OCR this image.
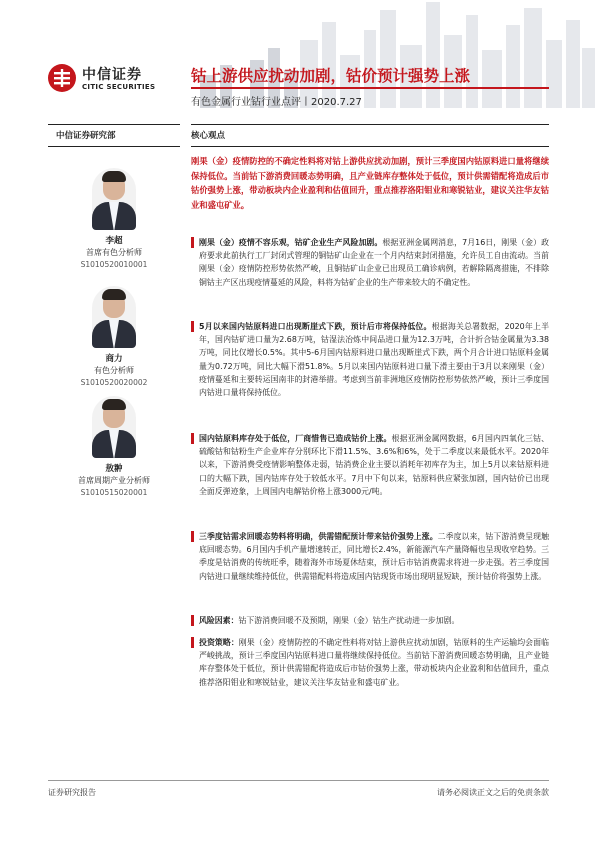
中信证券
CITIC SECURITIES
钴上游供应扰动加剧，钴价预计强势上涨
有色金属行业钴行业点评丨2020.7.27
中信证券研究部	核心观点
李超
首席有色分析师
S1010520010001
商力
有色分析师
S1010520020002
敖翀
首席周期产业分析师
S1010515020001
刚果（金）疫情防控的不确定性料将对钴上游供应扰动加剧，预计三季度国内钴原料进口量将继续保持低位。当前钴下游消费回暖态势明确，且产业链库存整体处于低位，预计供需错配将造成后市钴价强势上涨，带动板块内企业盈利和估值回升，重点推荐洛阳钼业和寒锐钴业，建议关注华友钴业和盛屯矿业。
刚果（金）疫情不容乐观，钴矿企业生产风险加剧。根据亚洲金属网消息，7月16日，刚果（金）政府要求此前执行工厂封闭式管理的铜钴矿山企业在一个月内结束封闭措施，允许员工自由流动。当前刚果（金）疫情防控形势依然严峻，且铜钴矿山企业已出现员工确诊病例，若解除隔离措施，不排除铜钴主产区出现疫情蔓延的风险，料将为钴矿企业的生产带来较大的不确定性。
5月以来国内钴原料进口出现断崖式下跌，预计后市将保持低位。根据海关总署数据，2020年上半年，国内钴矿进口量为2.68万吨，钴湿法冶炼中间品进口量为12.3万吨，合计折合钴金属量为3.38万吨，同比仅增长0.5%。其中5-6月国内钴原料进口量出现断崖式下跌，两个月合计进口钴原料金属量为0.72万吨，同比大幅下滑51.8%。5月以来国内钴原料进口量下滑主要由于3月以来刚果（金）疫情蔓延和主要转运国南非的封港举措。考虑到当前非洲地区疫情防控形势依然严峻，预计三季度国内钴进口量将保持低位。
国内钴原料库存处于低位，厂商惜售已造成钴价上涨。根据亚洲金属网数据，6月国内四氧化三钴、硫酸钴和钴粉生产企业库存分别环比下滑11.5%、3.6%和6%，处于二季度以来最低水平。2020年以来，下游消费受疫情影响整体走弱，钴消费企业主要以消耗年初库存为主，加上5月以来钴原料进口的大幅下跌，国内钴库存处于较低水平。7月中下旬以来，钴原料供应紧张加剧，国内钴价已出现全面反弹迹象，上周国内电解钴价格上涨3000元/吨。
三季度钴需求回暖态势料将明确，供需错配预计带来钴价强势上涨。二季度以来，钴下游消费呈现触底回暖态势。6月国内手机产量增速转正，同比增长2.4%，新能源汽车产量降幅也呈现收窄趋势。三季度是钴消费的传统旺季，随着海外市场夏休结束，预计后市钴消费需求将进一步走强。若三季度国内钴进口量继续维持低位，供需错配料将造成国内钴现货市场出现明显短缺，预计钴价将强势上涨。
风险因素：钴下游消费回暖不及预期，刚果（金）钴生产扰动进一步加剧。
投资策略：刚果（金）疫情防控的不确定性料将对钴上游供应扰动加剧，钴原料的生产运输均会面临严峻挑战，预计三季度国内钴原料进口量将继续保持低位。当前钴下游消费回暖态势明确，且产业链库存整体处于低位，预计供需错配将造成后市钴价强势上涨，带动板块内企业盈利和估值回升，重点推荐洛阳钼业和寒锐钴业，建议关注华友钴业和盛屯矿业。
证券研究报告	请务必阅读正文之后的免责条款
